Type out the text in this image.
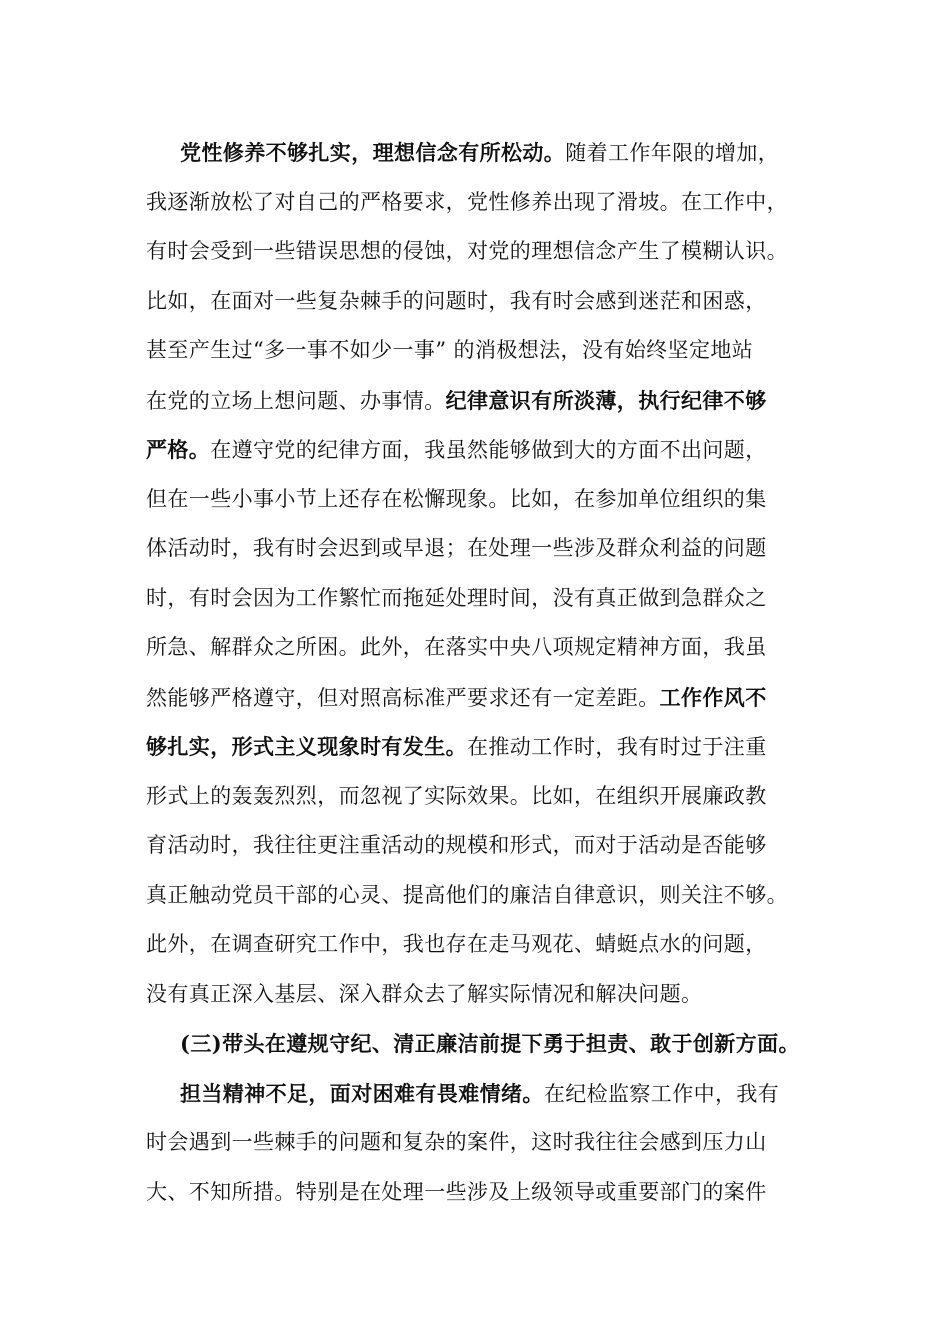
党性修养不够扎实，理想信念有所松动。随着工作年限的增加，
我逐渐放松了对自己的严格要求，党性修养出现了滑坡。在工作中，
有时会受到一些错误思想的侵蚀，对党的理想信念产生了模糊认识。
比如，在面对一些复杂棘手的问题时，我有时会感到迷茫和困惑，
甚至产生过“多一事不如少一事” 的消极想法，没有始终坚定地站
在党的立场上想问题、办事情。纪律意识有所淡薄，执行纪律不够
严格。在遵守党的纪律方面，我虽然能够做到大的方面不出问题，
但在一些小事小节上还存在松懈现象。比如，在参加单位组织的集
体活动时，我有时会迟到或早退；在处理一些涉及群众利益的问题
时，有时会因为工作繁忙而拖延处理时间，没有真正做到急群众之
所急、解群众之所困。此外，在落实中央八项规定精神方面，我虽
然能够严格遵守，但对照高标准严要求还有一定差距。工作作风不
够扎实，形式主义现象时有发生。在推动工作时，我有时过于注重
形式上的轰轰烈烈，而忽视了实际效果。比如，在组织开展廉政教
育活动时，我往往更注重活动的规模和形式，而对于活动是否能够
真正触动党员干部的心灵、提高他们的廉洁自律意识，则关注不够。
此外，在调查研究工作中，我也存在走马观花、蜻蜓点水的问题，
没有真正深入基层、深入群众去了解实际情况和解决问题。
(三)带头在遵规守纪、清正廉洁前提下勇于担责、敢于创新方面。
担当精神不足，面对困难有畏难情绪。在纪检监察工作中，我有
时会遇到一些棘手的问题和复杂的案件，这时我往往会感到压力山
大、不知所措。特别是在处理一些涉及上级领导或重要部门的案件
